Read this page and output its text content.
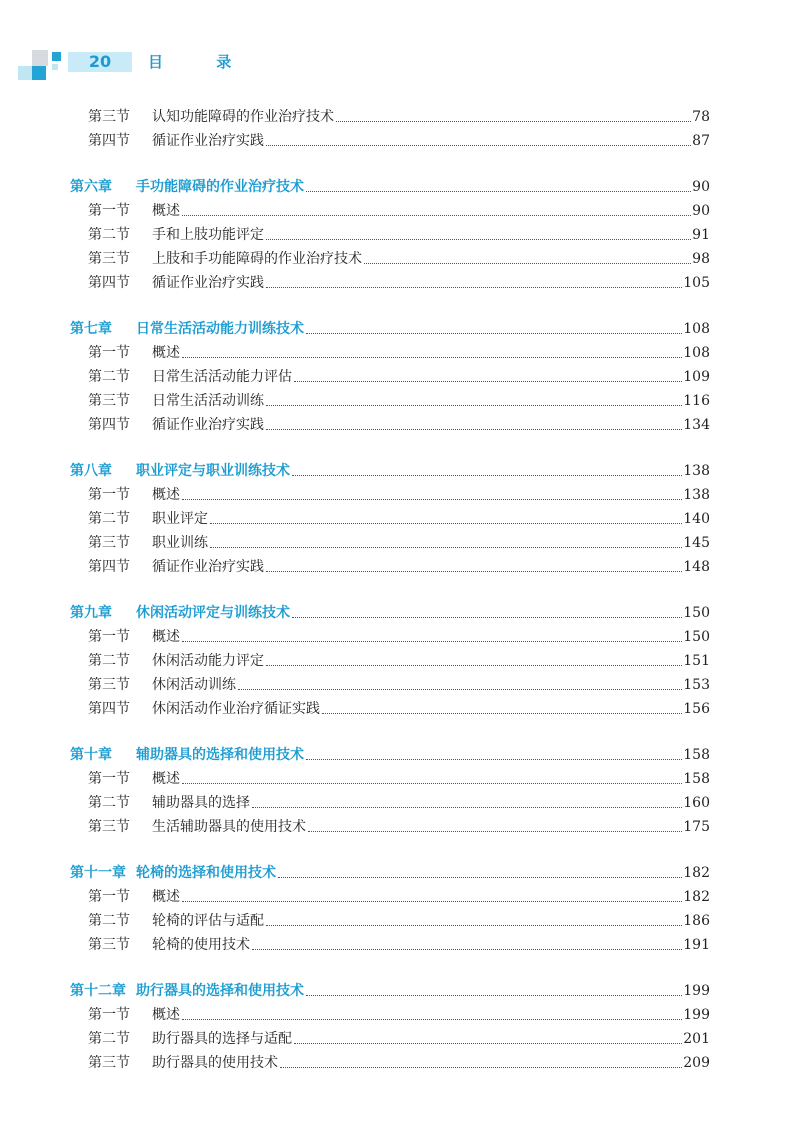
20	目 录
第三节	认知功能障碍的作业治疗技术	78
第四节	循证作业治疗实践	87
第六章	手功能障碍的作业治疗技术	90
第一节	概述	90
第二节	手和上肢功能评定	91
第三节	上肢和手功能障碍的作业治疗技术	98
第四节	循证作业治疗实践	105
第七章	日常生活活动能力训练技术	108
第一节	概述	108
第二节	日常生活活动能力评估	109
第三节	日常生活活动训练	116
第四节	循证作业治疗实践	134
第八章	职业评定与职业训练技术	138
第一节	概述	138
第二节	职业评定	140
第三节	职业训练	145
第四节	循证作业治疗实践	148
第九章	休闲活动评定与训练技术	150
第一节	概述	150
第二节	休闲活动能力评定	151
第三节	休闲活动训练	153
第四节	休闲活动作业治疗循证实践	156
第十章	辅助器具的选择和使用技术	158
第一节	概述	158
第二节	辅助器具的选择	160
第三节	生活辅助器具的使用技术	175
第十一章 轮椅的选择和使用技术	182
第一节	概述	182
第二节	轮椅的评估与适配	186
第三节	轮椅的使用技术	191
第十二章 助行器具的选择和使用技术	199
第一节	概述	199
第二节	助行器具的选择与适配	201
第三节	助行器具的使用技术	209
